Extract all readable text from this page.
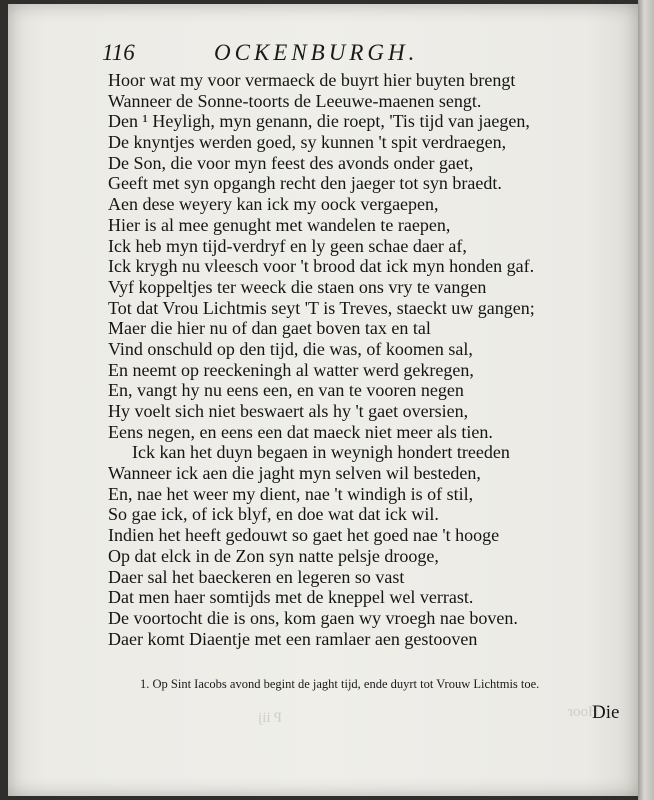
P iij	Hoor
116	OCKENBURGH.
Hoor wat my voor vermaeck de buyrt hier buyten brengt
Wanneer de Sonne-toorts de Leeuwe-maenen sengt.
Den ¹ Heyligh, myn genann, die roept, 'Tis tijd van jaegen,
De knyntjes werden goed, sy kunnen 't spit verdraegen,
De Son, die voor myn feest des avonds onder gaet,
Geeft met syn opgangh recht den jaeger tot syn braedt.
Aen dese weyery kan ick my oock vergaepen,
Hier is al mee genught met wandelen te raepen,
Ick heb myn tijd-verdryf en ly geen schae daer af,
Ick krygh nu vleesch voor 't brood dat ick myn honden gaf.
Vyf koppeltjes ter weeck die staen ons vry te vangen
Tot dat Vrou Lichtmis seyt 'T is Treves, staeckt uw gangen;
Maer die hier nu of dan gaet boven tax en tal
Vind onschuld op den tijd, die was, of koomen sal,
En neemt op reeckeningh al watter werd gekregen,
En, vangt hy nu eens een, en van te vooren negen
Hy voelt sich niet beswaert als hy 't gaet oversien,
Eens negen, en eens een dat maeck niet meer als tien.
Ick kan het duyn begaen in weynigh hondert treeden
Wanneer ick aen die jaght myn selven wil besteden,
En, nae het weer my dient, nae 't windigh is of stil,
So gae ick, of ick blyf, en doe wat dat ick wil.
Indien het heeft gedouwt so gaet het goed nae 't hooge
Op dat elck in de Zon syn natte pelsje drooge,
Daer sal het baeckeren en legeren so vast
Dat men haer somtijds met de kneppel wel verrast.
De voortocht die is ons, kom gaen wy vroegh nae boven.
Daer komt Diaentje met een ramlaer aen gestooven
1. Op Sint Iacobs avond begint de jaght tijd, ende duyrt tot Vrouw Lichtmis toe.
Die
